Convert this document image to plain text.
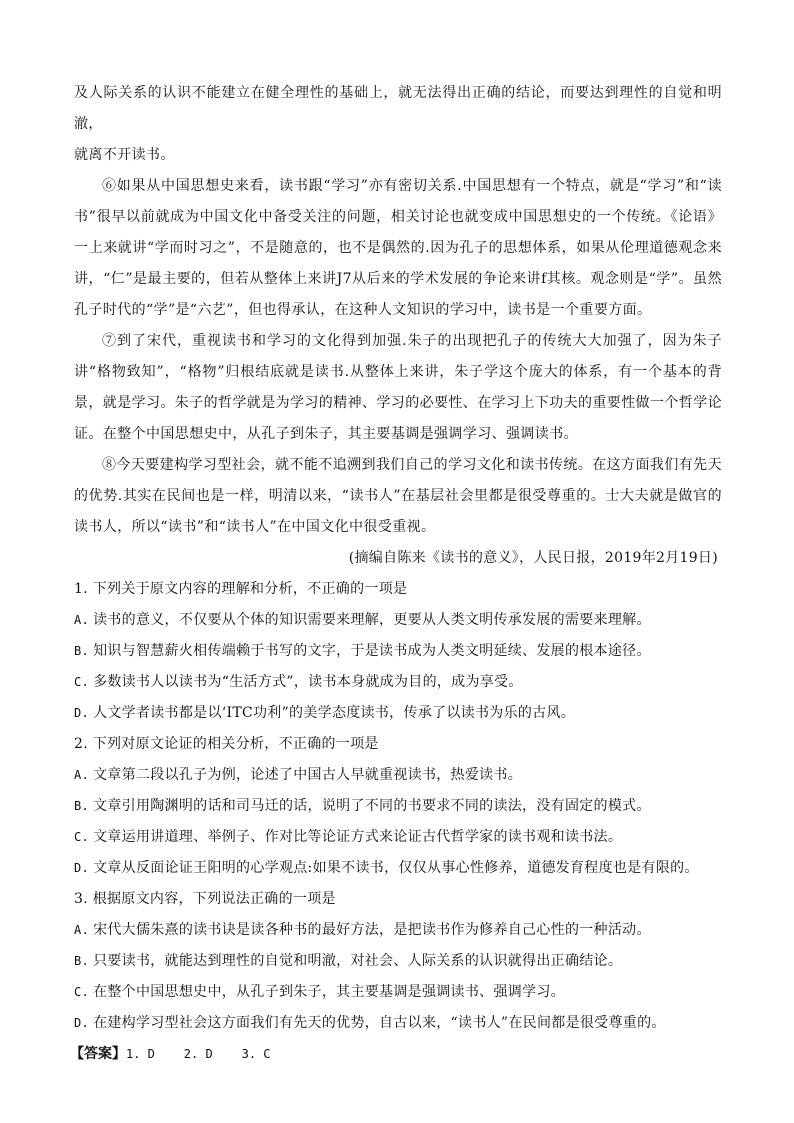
及人际关系的认识不能建立在健全理性的基础上，就无法得出正确的结论，而要达到理性的自觉和明澈，
就离不开读书。

⑥如果从中国思想史来看，读书跟“学习”亦有密切关系.中国思想有一个特点，就是“学习”和“读书”很早以前就成为中国文化中备受关注的问题，相关讨论也就变成中国思想史的一个传统。《论语》一上来就讲“学而时习之”，不是随意的，也不是偶然的.因为孔子的思想体系，如果从伦理道德观念来讲，“仁”是最主要的，但若从整体上来讲J7从后来的学术发展的争论来讲f其核。观念则是“学”。虽然孔子时代的“学”是“六艺”，但也得承认，在这种人文知识的学习中，读书是一个重要方面。

⑦到了宋代，重视读书和学习的文化得到加强.朱子的出现把孔子的传统大大加强了，因为朱子讲“格物致知”，“格物”归根结底就是读书.从整体上来讲，朱子学这个庞大的体系，有一个基本的背景，就是学习。朱子的哲学就是为学习的精神、学习的必要性、在学习上下功夫的重要性做一个哲学论证。在整个中国思想史中，从孔子到朱子，其主要基调是强调学习、强调读书。

⑧今天要建构学习型社会，就不能不追溯到我们自己的学习文化和读书传统。在这方面我们有先天的优势.其实在民间也是一样，明清以来，“读书人”在基层社会里都是很受尊重的。士大夫就是做官的读书人，所以“读书”和“读书人”在中国文化中很受重视。

(摘编自陈来《读书的意义》，人民日报，2019年2月19日)

1. 下列关于原文内容的理解和分析，不正确的一项是

A. 读书的意义，不仅要从个体的知识需要来理解，更要从人类文明传承发展的需要来理解。

B. 知识与智慧薪火相传端赖于书写的文字，于是读书成为人类文明延续、发展的根本途径。

C. 多数读书人以读书为“生活方式”，读书本身就成为目的，成为享受。

D. 人文学者读书都是以‘ITC功利”的美学态度读书，传承了以读书为乐的古风。

2. 下列对原文论证的相关分析，不正确的一项是

A. 文章第二段以孔子为例，论述了中国古人早就重视读书，热爱读书。

B. 文章引用陶渊明的话和司马迁的话，说明了不同的书要求不同的读法，没有固定的模式。

C. 文章运用讲道理、举例子、作对比等论证方式来论证古代哲学家的读书观和读书法。

D. 文章从反面论证王阳明的心学观点:如果不读书，仅仅从事心性修养，道德发育程度也是有限的。

3. 根据原文内容，下列说法正确的一项是

A. 宋代大儒朱熹的读书诀是读各种书的最好方法，是把读书作为修养自己心性的一种活动。

B. 只要读书，就能达到理性的自觉和明澈，对社会、人际关系的认识就得出正确结论。

C. 在整个中国思想史中，从孔子到朱子，其主要基调是强调读书、强调学习。

D. 在建构学习型社会这方面我们有先天的优势，自古以来，“读书人”在民间都是很受尊重的。

【答案】1. D    2. D    3. C
